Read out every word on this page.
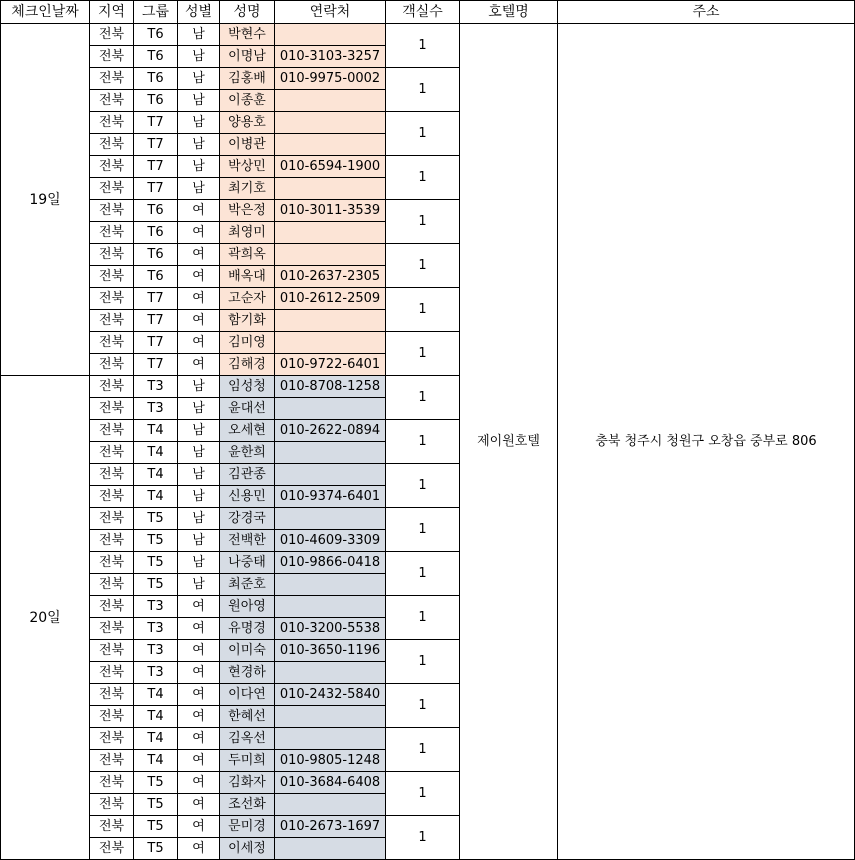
체크인날짜	지역	그룹	성별	성명	연락처	객실수	호텔명	주소
19일	전북	T6	남	박현수		1	제이원호텔	충북 청주시 청원구 오창읍 중부로 806
	전북	T6	남	이명남	010-3103-3257			
	전북	T6	남	김홍배	010-9975-0002	1		
	전북	T6	남	이종훈				
	전북	T7	남	양용호		1		
	전북	T7	남	이병관				
	전북	T7	남	박상민	010-6594-1900	1		
	전북	T7	남	최기호				
	전북	T6	여	박은정	010-3011-3539	1		
	전북	T6	여	최영미				
	전북	T6	여	곽희옥		1		
	전북	T6	여	배옥대	010-2637-2305			
	전북	T7	여	고순자	010-2612-2509	1		
	전북	T7	여	함기화				
	전북	T7	여	김미영		1		
	전북	T7	여	김해경	010-9722-6401			
20일	전북	T3	남	임성청	010-8708-1258	1		
	전북	T3	남	윤대선				
	전북	T4	남	오세현	010-2622-0894	1		
	전북	T4	남	윤한희				
	전북	T4	남	김관종		1		
	전북	T4	남	신용민	010-9374-6401			
	전북	T5	남	강경국		1		
	전북	T5	남	전백한	010-4609-3309			
	전북	T5	남	나중태	010-9866-0418	1		
	전북	T5	남	최준호				
	전북	T3	여	원아영		1		
	전북	T3	여	유명경	010-3200-5538			
	전북	T3	여	이미숙	010-3650-1196	1		
	전북	T3	여	현경하				
	전북	T4	여	이다연	010-2432-5840	1		
	전북	T4	여	한혜선				
	전북	T4	여	김옥선		1		
	전북	T4	여	두미희	010-9805-1248			
	전북	T5	여	김화자	010-3684-6408	1		
	전북	T5	여	조선화				
	전북	T5	여	문미경	010-2673-1697	1		
	전북	T5	여	이세정				
